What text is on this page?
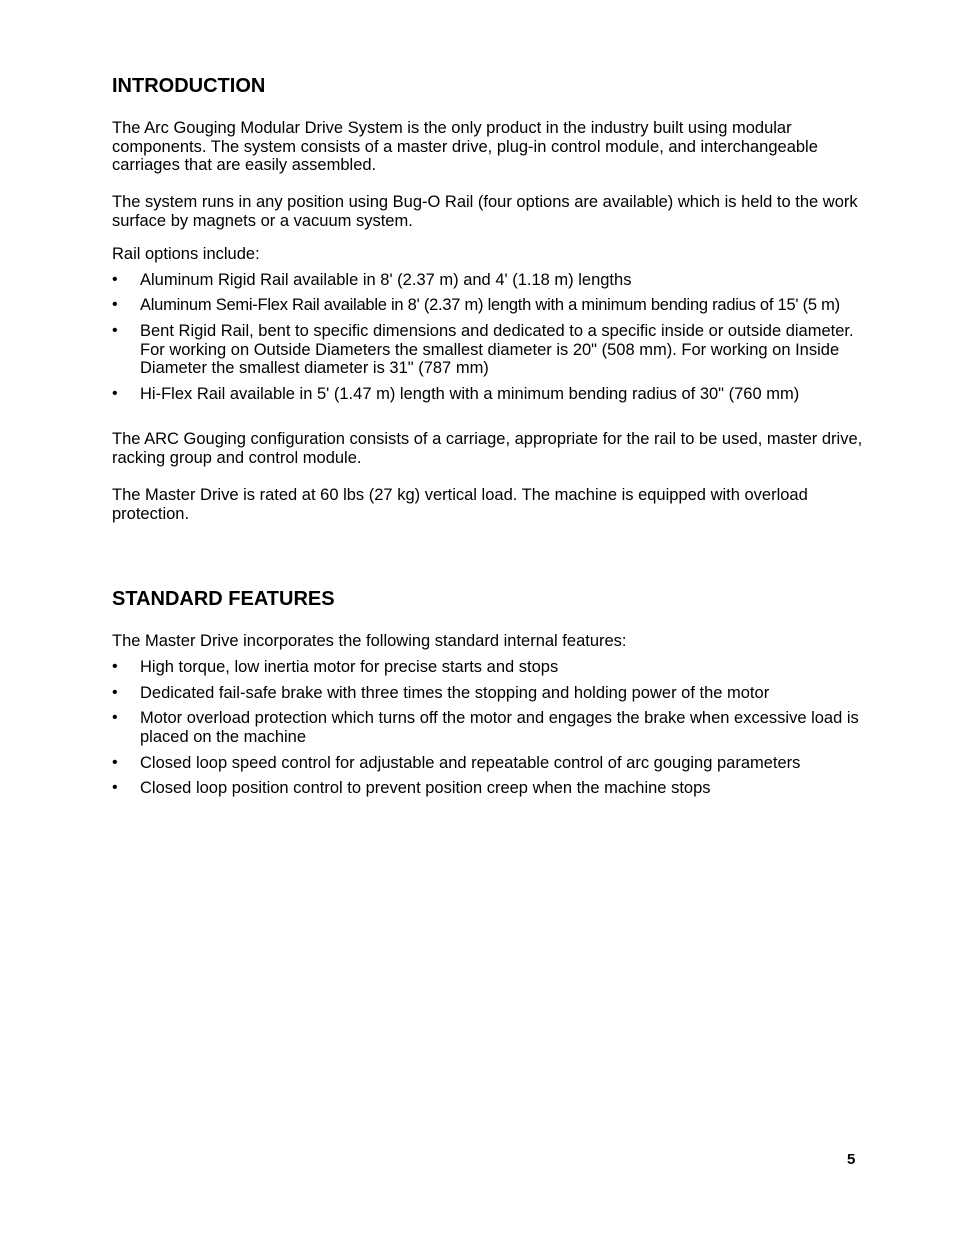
INTRODUCTION

The Arc Gouging Modular Drive System is the only product in the industry built using modular components. The system consists of a master drive, plug-in control module, and interchangeable carriages that are easily assembled.

The system runs in any position using Bug-O Rail (four options are available) which is held to the work surface by magnets or a vacuum system.

Rail options include:

•	Aluminum Rigid Rail available in 8' (2.37 m) and 4' (1.18 m) lengths
•	Aluminum Semi-Flex Rail available in 8' (2.37 m) length with a minimum bending radius of 15' (5 m)
•	Bent Rigid Rail, bent to specific dimensions and dedicated to a specific inside or outside diameter. For working on Outside Diameters the smallest diameter is 20" (508 mm). For working on Inside Diameter the smallest diameter is 31" (787 mm)
•	Hi-Flex Rail available in 5' (1.47 m) length with a minimum bending radius of 30" (760 mm)

The ARC Gouging configuration consists of a carriage, appropriate for the rail to be used, master drive, racking group and control module.

The Master Drive is rated at 60 lbs (27 kg) vertical load. The machine is equipped with overload protection.

STANDARD FEATURES

The Master Drive incorporates the following standard internal features:

•	High torque, low inertia motor for precise starts and stops
•	Dedicated fail-safe brake with three times the stopping and holding power of the motor
•	Motor overload protection which turns off the motor and engages the brake when excessive load is placed on the machine
•	Closed loop speed control for adjustable and repeatable control of arc gouging parameters
•	Closed loop position control to prevent position creep when the machine stops
5
